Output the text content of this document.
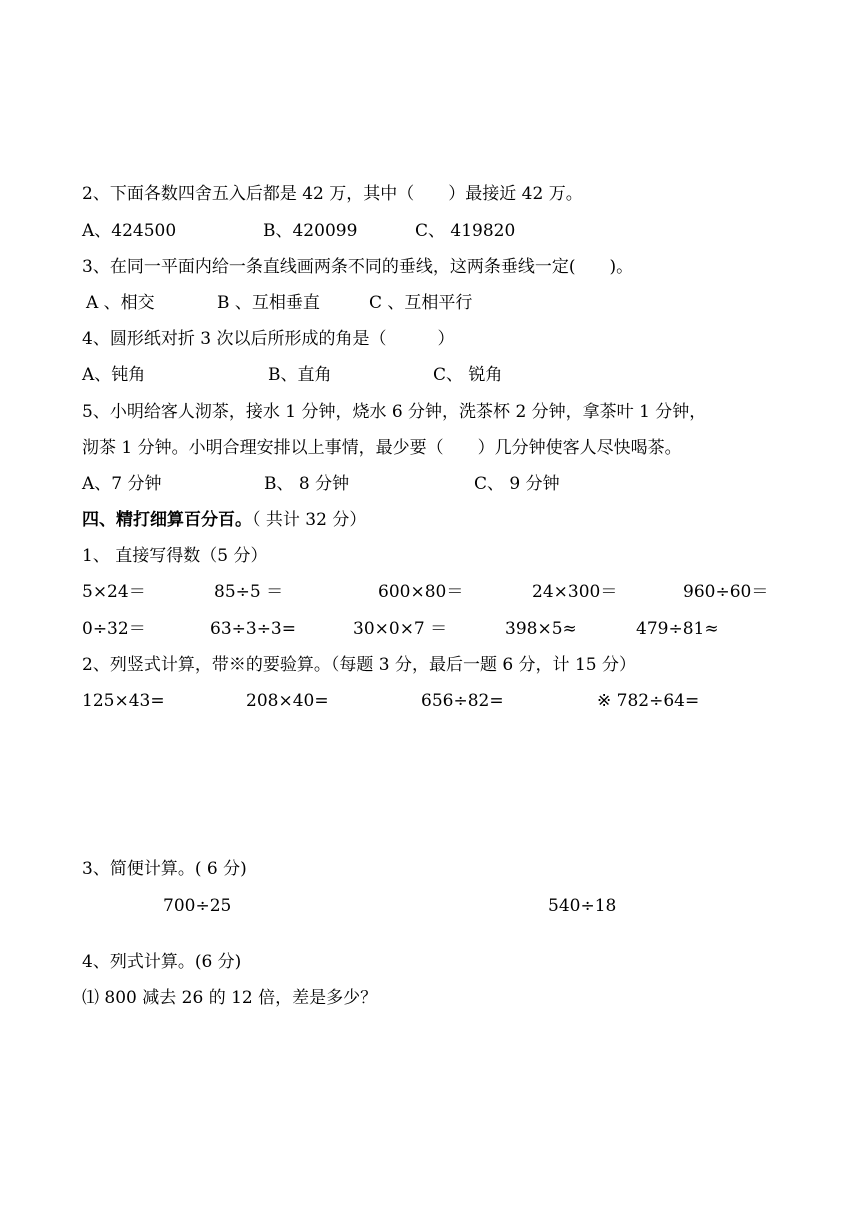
2、下面各数四舍五入后都是 42 万，其中（　　）最接近 42 万。
A、424500	B、420099	C、 419820
3、在同一平面内给一条直线画两条不同的垂线，这两条垂线一定(　　)。
A 、相交	B 、互相垂直	C 、互相平行
4、圆形纸对折 3 次以后所形成的角是（　　　）
A、钝角	B、直角	C、 锐角
5、小明给客人沏茶，接水 1 分钟，烧水 6 分钟，洗茶杯 2 分钟，拿茶叶 1 分钟，
沏茶 1 分钟。小明合理安排以上事情，最少要（　　）几分钟使客人尽快喝茶。
A、7 分钟	B、 8 分钟	C、 9 分钟
四、精打细算百分百。（ 共计 32 分）
1、 直接写得数（5 分）
5×24＝	85÷5 ＝	600×80＝	24×300＝	960÷60＝
0÷32＝	63÷3÷3=	30×0×7 ＝	398×5≈	479÷81≈
2、列竖式计算，带※的要验算。（每题 3 分，最后一题 6 分，计 15 分）
125×43=	208×40=	656÷82=	※ 782÷64=
3、简便计算。( 6 分)
700÷25	540÷18
4、列式计算。(6 分)
⑴ 800 减去 26 的 12 倍，差是多少？
